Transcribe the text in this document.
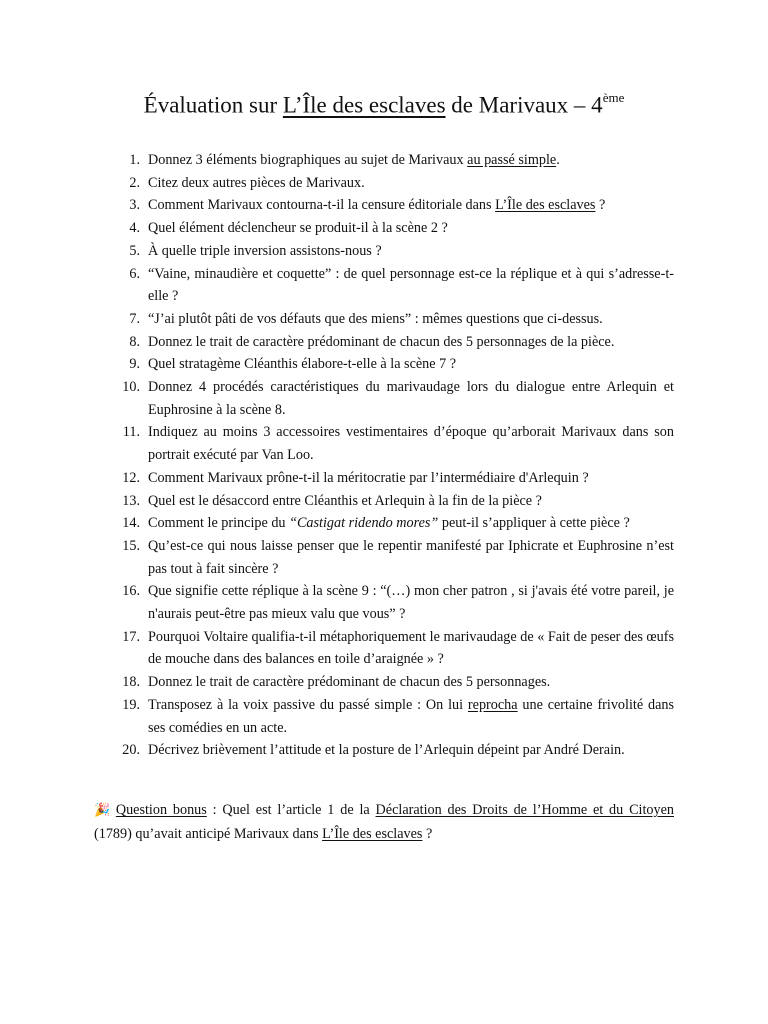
Évaluation sur L’Île des esclaves de Marivaux – 4ème
1. Donnez 3 éléments biographiques au sujet de Marivaux au passé simple.
2. Citez deux autres pièces de Marivaux.
3. Comment Marivaux contourna-t-il la censure éditoriale dans L’Île des esclaves ?
4. Quel élément déclencheur se produit-il à la scène 2 ?
5. À quelle triple inversion assistons-nous ?
6. “Vaine, minaudière et coquette” : de quel personnage est-ce la réplique et à qui s’adresse-t-elle ?
7. “J’ai plutôt pâti de vos défauts que des miens” : mêmes questions que ci-dessus.
8. Donnez le trait de caractère prédominant de chacun des 5 personnages de la pièce.
9. Quel stratagème Cléanthis élabore-t-elle à la scène 7 ?
10. Donnez 4 procédés caractéristiques du marivaudage lors du dialogue entre Arlequin et Euphrosine à la scène 8.
11. Indiquez au moins 3 accessoires vestimentaires d’époque qu’arborait Marivaux dans son portrait exécuté par Van Loo.
12. Comment Marivaux prône-t-il la méritocratie par l’intermédiaire d'Arlequin ?
13. Quel est le désaccord entre Cléanthis et Arlequin à la fin de la pièce ?
14. Comment le principe du “Castigat ridendo mores” peut-il s’appliquer à cette pièce ?
15. Qu’est-ce qui nous laisse penser que le repentir manifesté par Iphicrate et Euphrosine n’est pas tout à fait sincère ?
16. Que signifie cette réplique à la scène 9 : “(…) mon cher patron , si j'avais été votre pareil, je n'aurais peut-être pas mieux valu que vous” ?
17. Pourquoi Voltaire qualifia-t-il métaphoriquement le marivaudage de « Fait de peser des œufs de mouche dans des balances en toile d’araignée » ?
18. Donnez le trait de caractère prédominant de chacun des 5 personnages.
19. Transposez à la voix passive du passé simple : On lui reprocha une certaine frivolité dans ses comédies en un acte.
20. Décrivez brièvement l’attitude et la posture de l’Arlequin dépeint par André Derain.
🎉 Question bonus : Quel est l’article 1 de la Déclaration des Droits de l’Homme et du Citoyen (1789) qu’avait anticipé Marivaux dans L’Île des esclaves ?
